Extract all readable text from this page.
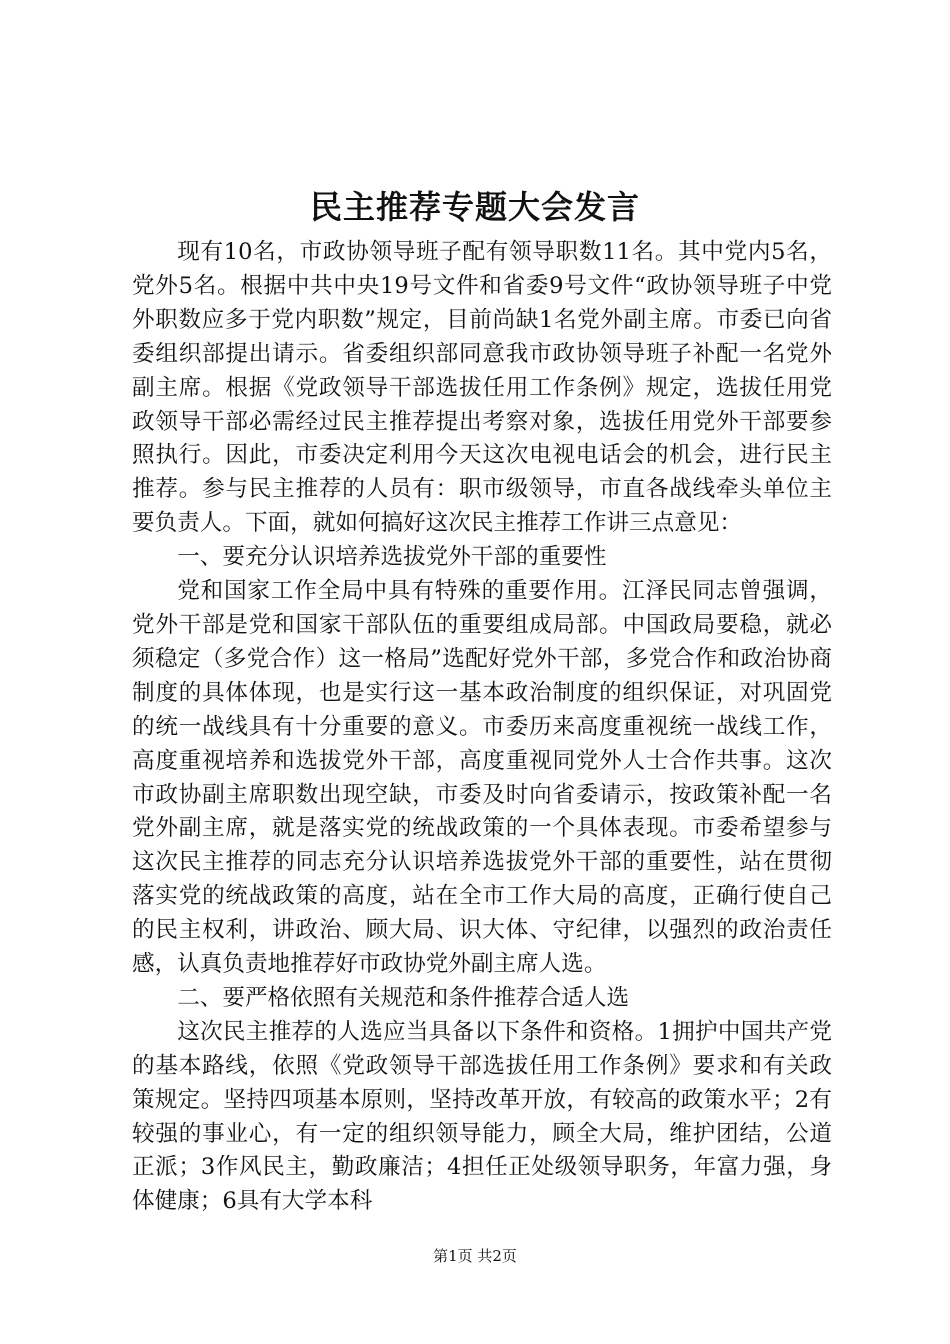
民主推荐专题大会发言

现有10名，市政协领导班子配有领导职数11名。其中党内5名，党外5名。根据中共中央19号文件和省委9号文件“政协领导班子中党外职数应多于党内职数”规定，目前尚缺1名党外副主席。市委已向省委组织部提出请示。省委组织部同意我市政协领导班子补配一名党外副主席。根据《党政领导干部选拔任用工作条例》规定，选拔任用党政领导干部必需经过民主推荐提出考察对象，选拔任用党外干部要参照执行。因此，市委决定利用今天这次电视电话会的机会，进行民主推荐。参与民主推荐的人员有：职市级领导，市直各战线牵头单位主要负责人。下面，就如何搞好这次民主推荐工作讲三点意见：

一、要充分认识培养选拔党外干部的重要性

党和国家工作全局中具有特殊的重要作用。江泽民同志曾强调，党外干部是党和国家干部队伍的重要组成局部。中国政局要稳，就必须稳定（多党合作）这一格局”选配好党外干部，多党合作和政治协商制度的具体体现，也是实行这一基本政治制度的组织保证，对巩固党的统一战线具有十分重要的意义。市委历来高度重视统一战线工作，高度重视培养和选拔党外干部，高度重视同党外人士合作共事。这次市政协副主席职数出现空缺，市委及时向省委请示，按政策补配一名党外副主席，就是落实党的统战政策的一个具体表现。市委希望参与这次民主推荐的同志充分认识培养选拔党外干部的重要性，站在贯彻落实党的统战政策的高度，站在全市工作大局的高度，正确行使自己的民主权利，讲政治、顾大局、识大体、守纪律，以强烈的政治责任感，认真负责地推荐好市政协党外副主席人选。

二、要严格依照有关规范和条件推荐合适人选

这次民主推荐的人选应当具备以下条件和资格。1拥护中国共产党的基本路线，依照《党政领导干部选拔任用工作条例》要求和有关政策规定。坚持四项基本原则，坚持改革开放，有较高的政策水平；2有较强的事业心，有一定的组织领导能力，顾全大局，维护团结，公道正派；3作风民主，勤政廉洁；4担任正处级领导职务，年富力强，身体健康；6具有大学本科

第1页 共2页
